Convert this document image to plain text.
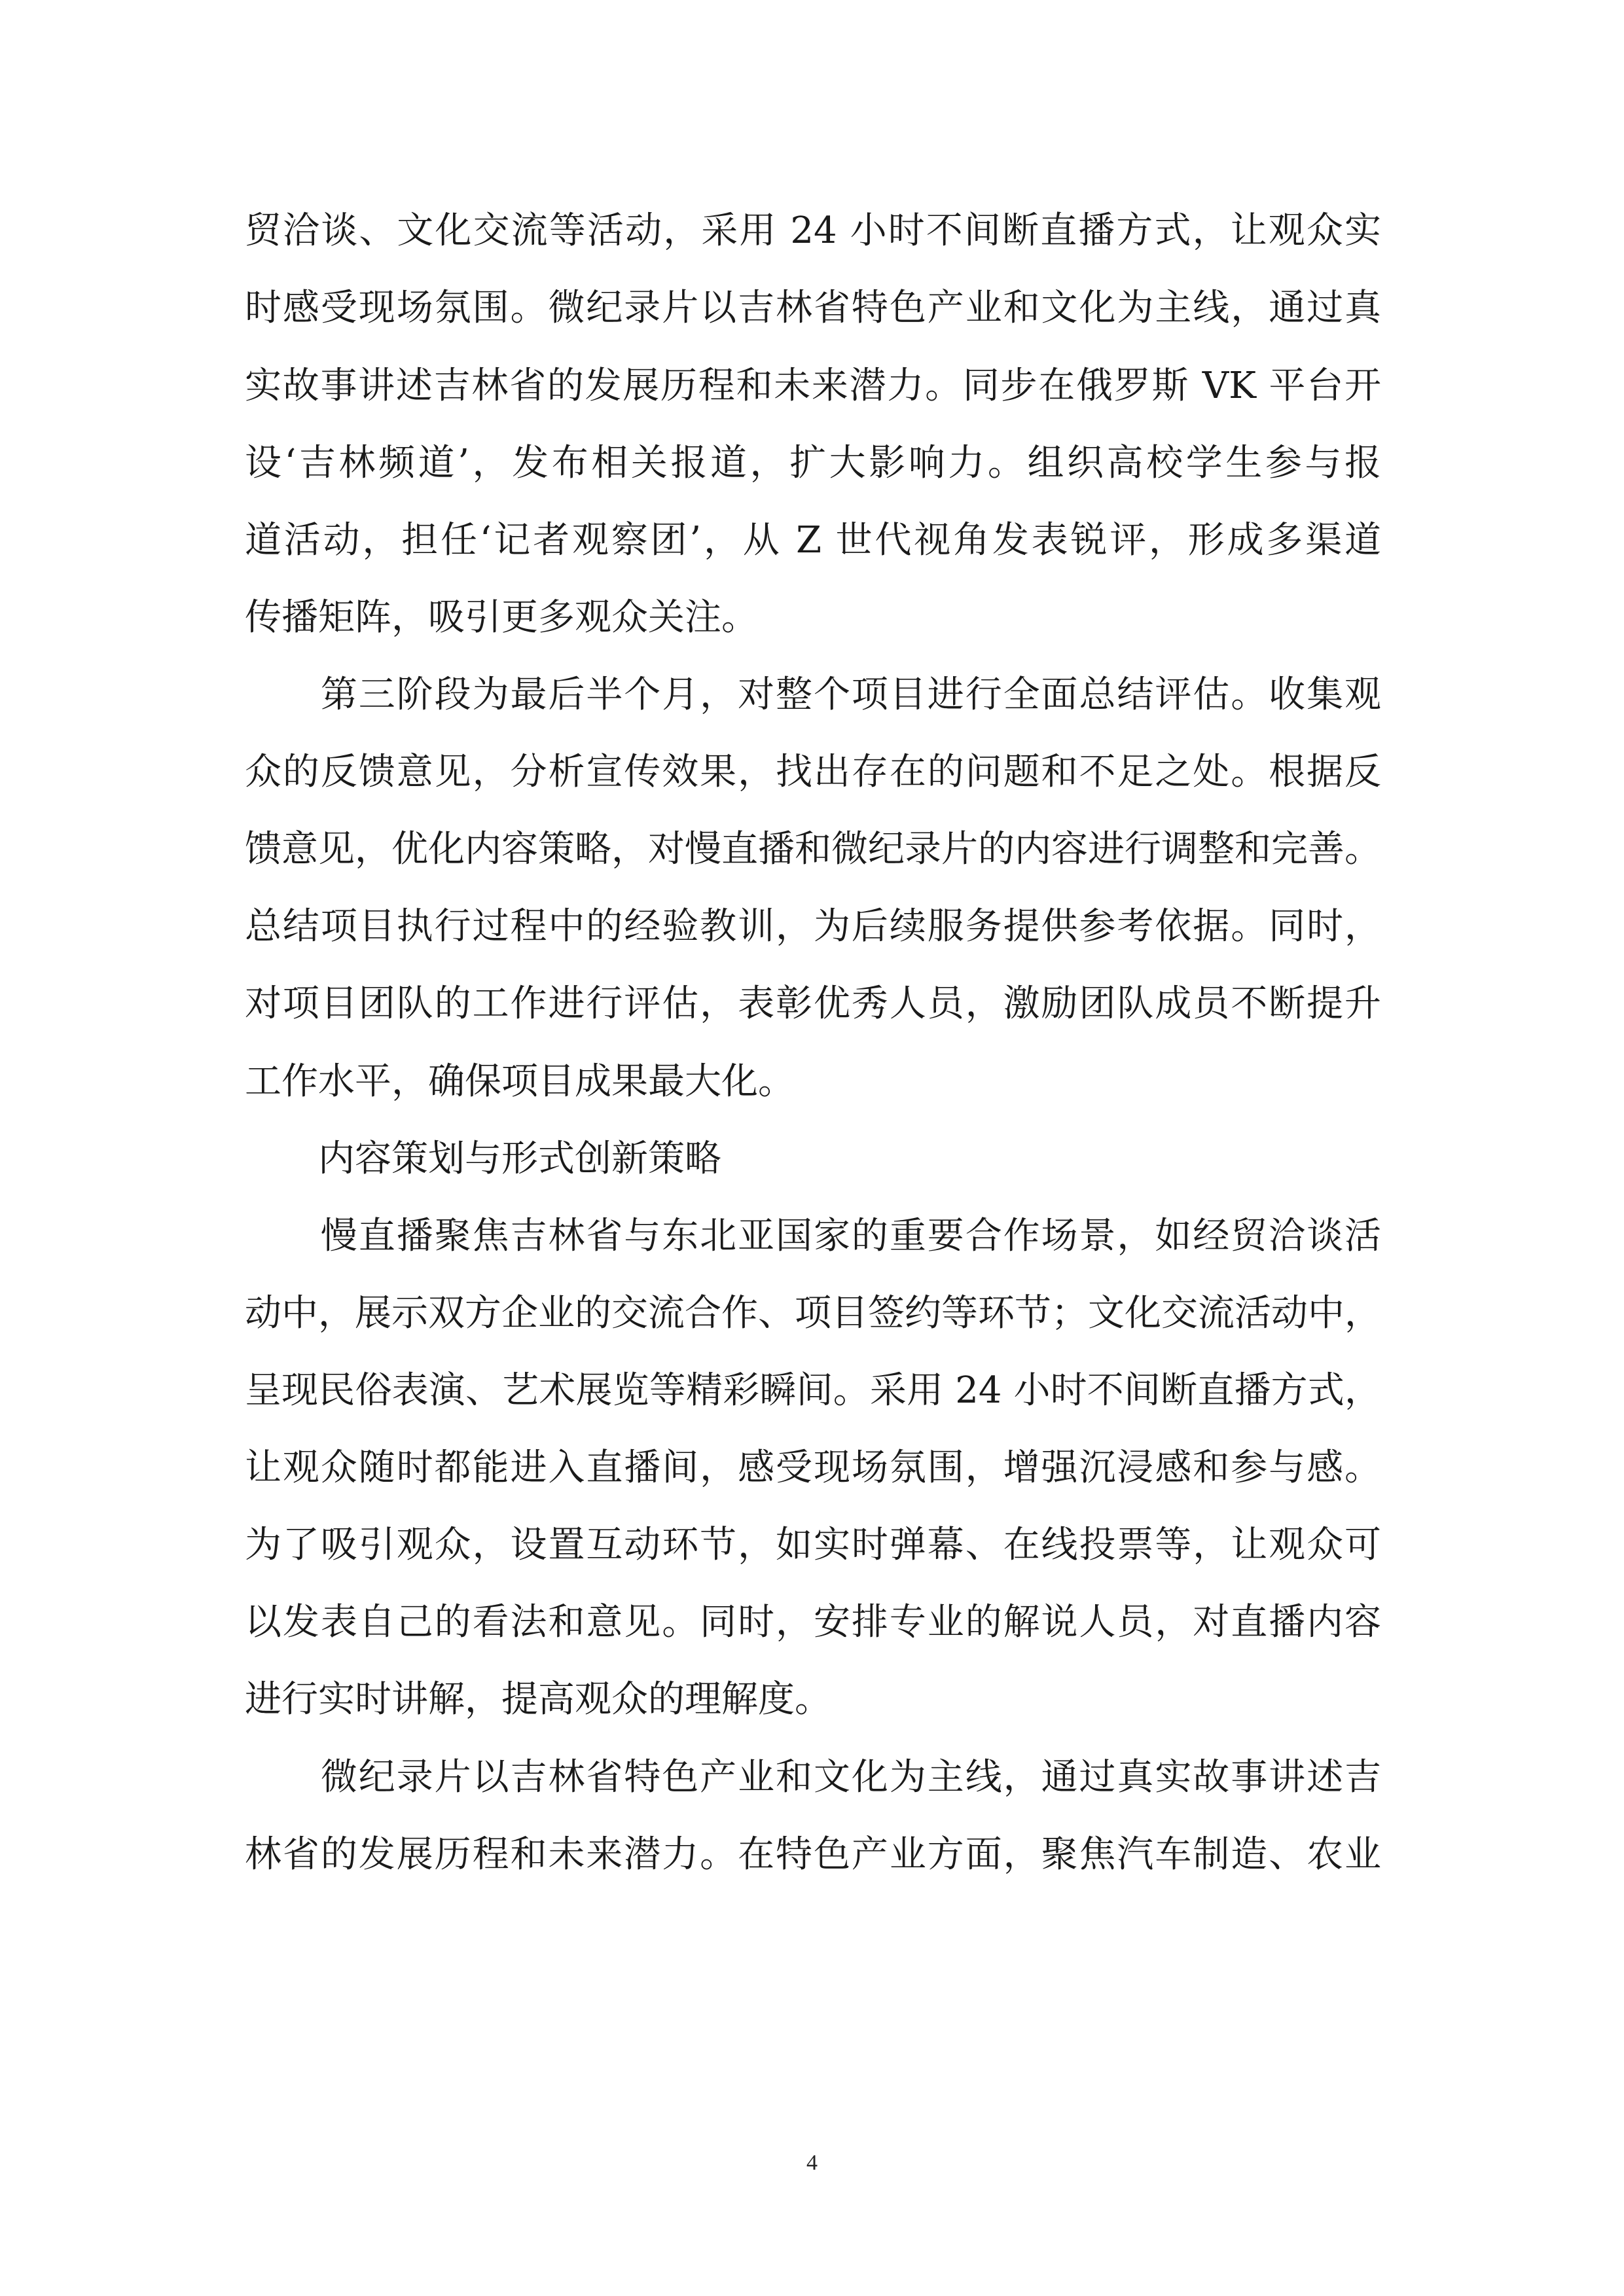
贸洽谈、文化交流等活动，采用 24 小时不间断直播方式，让观众实
时感受现场氛围。微纪录片以吉林省特色产业和文化为主线，通过真
实故事讲述吉林省的发展历程和未来潜力。同步在俄罗斯 VK 平台开
设‘吉林频道’，发布相关报道，扩大影响力。组织高校学生参与报
道活动，担任‘记者观察团’，从 Z 世代视角发表锐评，形成多渠道
传播矩阵，吸引更多观众关注。
　　第三阶段为最后半个月，对整个项目进行全面总结评估。收集观
众的反馈意见，分析宣传效果，找出存在的问题和不足之处。根据反
馈意见，优化内容策略，对慢直播和微纪录片的内容进行调整和完善。
总结项目执行过程中的经验教训，为后续服务提供参考依据。同时，
对项目团队的工作进行评估，表彰优秀人员，激励团队成员不断提升
工作水平，确保项目成果最大化。
　　内容策划与形式创新策略
　　慢直播聚焦吉林省与东北亚国家的重要合作场景，如经贸洽谈活
动中，展示双方企业的交流合作、项目签约等环节；文化交流活动中，
呈现民俗表演、艺术展览等精彩瞬间。采用 24 小时不间断直播方式，
让观众随时都能进入直播间，感受现场氛围，增强沉浸感和参与感。
为了吸引观众，设置互动环节，如实时弹幕、在线投票等，让观众可
以发表自己的看法和意见。同时，安排专业的解说人员，对直播内容
进行实时讲解，提高观众的理解度。
　　微纪录片以吉林省特色产业和文化为主线，通过真实故事讲述吉
林省的发展历程和未来潜力。在特色产业方面，聚焦汽车制造、农业
4
